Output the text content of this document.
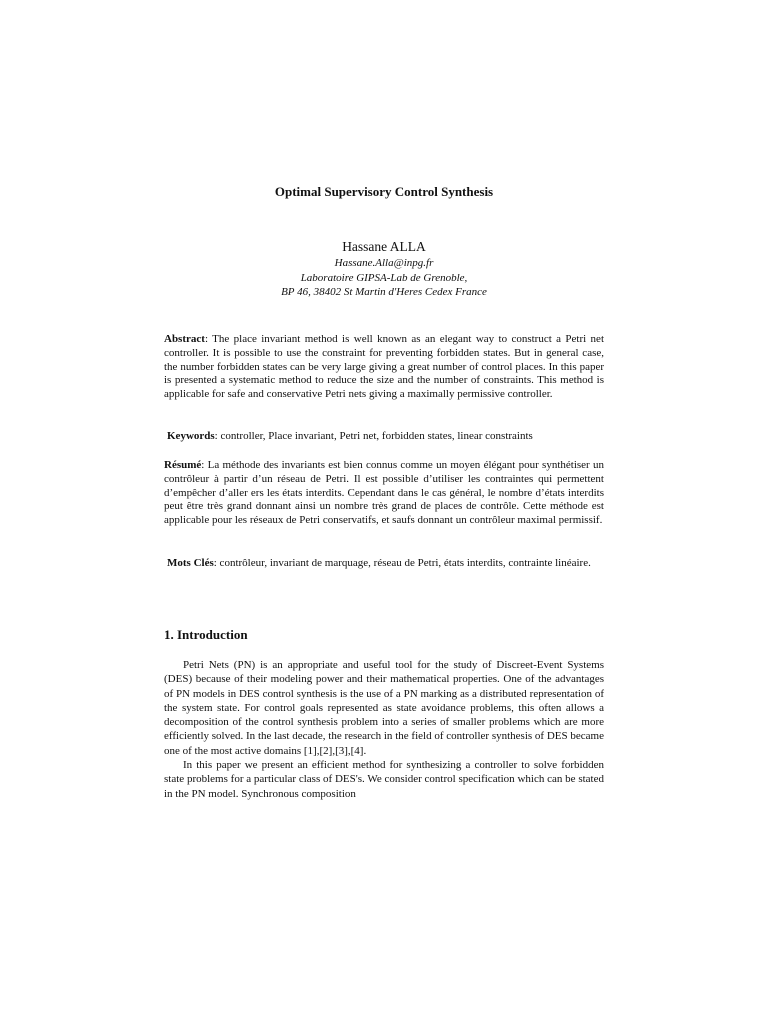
Optimal Supervisory Control Synthesis
Hassane ALLA
Hassane.Alla@inpg.fr
Laboratoire GIPSA-Lab de Grenoble,
BP 46, 38402 St Martin d'Heres Cedex France

Abstract: The place invariant method is well known as an elegant way to construct a Petri net controller. It is possible to use the constraint for preventing forbidden states. But in general case, the number forbidden states can be very large giving a great number of control places. In this paper is presented a systematic method to reduce the size and the number of constraints. This method is applicable for safe and conservative Petri nets giving a maximally permissive controller.

Keywords: controller, Place invariant, Petri net, forbidden states, linear constraints

Résumé: La méthode des invariants est bien connus comme un moyen élégant pour synthétiser un contrôleur à partir d’un réseau de Petri. Il est possible d’utiliser les contraintes qui permettent d’empêcher d’aller ers les états interdits. Cependant dans le cas général, le nombre d’états interdits peut être très grand donnant ainsi un nombre très grand de places de contrôle. Cette méthode est applicable pour les réseaux de Petri conservatifs, et saufs donnant un contrôleur maximal permissif.

Mots Clés: contrôleur, invariant de marquage, réseau de Petri, états interdits, contrainte linéaire.

1. Introduction

Petri Nets (PN) is an appropriate and useful tool for the study of Discreet-Event Systems (DES) because of their modeling power and their mathematical properties. One of the advantages of PN models in DES control synthesis is the use of a PN marking as a distributed representation of the system state. For control goals represented as state avoidance problems, this often allows a decomposition of the control synthesis problem into a series of smaller problems which are more efficiently solved. In the last decade, the research in the field of controller synthesis of DES became one of the most active domains [1],[2],[3],[4].

In this paper we present an efficient method for synthesizing a controller to solve forbidden state problems for a particular class of DES's. We consider control specification which can be stated in the PN model. Synchronous composition
